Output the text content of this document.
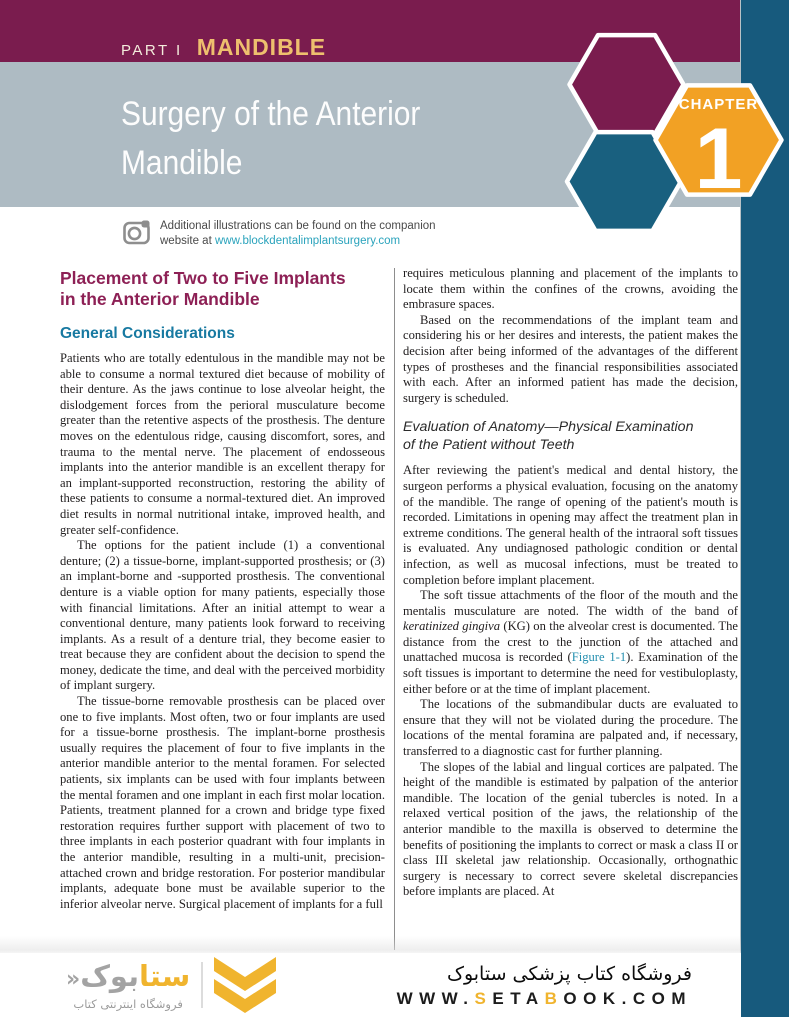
PART I MANDIBLE
Surgery of the Anterior
Mandible
CHAPTER
1

Additional illustrations can be found on the companion website at www.blockdentalimplantsurgery.com

Placement of Two to Five Implants
in the Anterior Mandible
General Considerations

Patients who are totally edentulous in the mandible may not be able to consume a normal textured diet because of mobility of their denture. As the jaws continue to lose alveolar height, the dislodgement forces from the perioral musculature become greater than the retentive aspects of the prosthesis. The denture moves on the edentulous ridge, causing discomfort, sores, and trauma to the mental nerve. The placement of endosseous implants into the anterior mandible is an excellent therapy for an implant-supported reconstruction, restoring the ability of these patients to consume a normal-textured diet. An improved diet results in normal nutritional intake, improved health, and greater self-confidence.

The options for the patient include (1) a conventional denture; (2) a tissue-borne, implant-supported prosthesis; or (3) an implant-borne and -supported prosthesis. The conventional denture is a viable option for many patients, especially those with financial limitations. After an initial attempt to wear a conventional denture, many patients look forward to receiving implants. As a result of a denture trial, they become easier to treat because they are confident about the decision to spend the money, dedicate the time, and deal with the perceived morbidity of implant surgery.

The tissue-borne removable prosthesis can be placed over one to five implants. Most often, two or four implants are used for a tissue-borne prosthesis. The implant-borne prosthesis usually requires the placement of four to five implants in the anterior mandible anterior to the mental foramen. For selected patients, six implants can be used with four implants between the mental foramen and one implant in each first molar location. Patients, treatment planned for a crown and bridge type fixed restoration requires further support with placement of two to three implants in each posterior quadrant with four implants in the anterior mandible, resulting in a multi-unit, precision-attached crown and bridge restoration. For posterior mandibular implants, adequate bone must be available superior to the inferior alveolar nerve. Surgical placement of implants for a full

requires meticulous planning and placement of the implants to locate them within the confines of the crowns, avoiding the embrasure spaces.

Based on the recommendations of the implant team and considering his or her desires and interests, the patient makes the decision after being informed of the advantages of the different types of prostheses and the financial responsibilities associated with each. After an informed patient has made the decision, surgery is scheduled.

Evaluation of Anatomy—Physical Examination
of the Patient without Teeth

After reviewing the patient's medical and dental history, the surgeon performs a physical evaluation, focusing on the anatomy of the mandible. The range of opening of the patient's mouth is recorded. Limitations in opening may affect the treatment plan in extreme conditions. The general health of the intraoral soft tissues is evaluated. Any undiagnosed pathologic condition or dental infection, as well as mucosal infections, must be treated to completion before implant placement.

The soft tissue attachments of the floor of the mouth and the mentalis musculature are noted. The width of the band of keratinized gingiva (KG) on the alveolar crest is documented. The distance from the crest to the junction of the attached and unattached mucosa is recorded (Figure 1-1). Examination of the soft tissues is important to determine the need for vestibuloplasty, either before or at the time of implant placement.

The locations of the submandibular ducts are evaluated to ensure that they will not be violated during the procedure. The locations of the mental foramina are palpated and, if necessary, transferred to a diagnostic cast for further planning.

The slopes of the labial and lingual cortices are palpated. The height of the mandible is estimated by palpation of the anterior mandible. The location of the genial tubercles is noted. In a relaxed vertical position of the jaws, the relationship of the anterior mandible to the maxilla is observed to determine the benefits of positioning the implants to correct or mask a class II or class III skeletal jaw relationship. Occasionally, orthognathic surgery is necessary to correct severe skeletal discrepancies before implants are placed. At

ستابوک«
فروشگاه اینترنتی کتاب
فروشگاه کتاب پزشکی ستابوک
WWW.SETABOOK.COM
